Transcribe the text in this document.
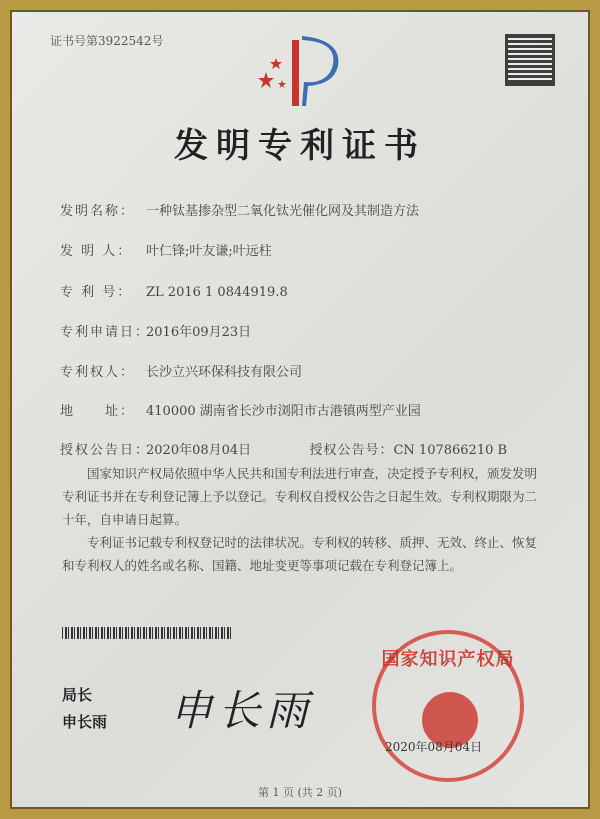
证书号第3922542号
发明专利证书
发明名称： 一种钛基掺杂型二氧化钛光催化网及其制造方法
发 明 人： 叶仁锋;叶友谦;叶远柱
专 利 号： ZL 2016 1 0844919.8
专利申请日：2016年09月23日
专利权人： 长沙立兴环保科技有限公司
地　　址： 410000 湖南省长沙市浏阳市古港镇两型产业园
授权公告日：2020年08月04日	授权公告号：CN 107866210 B
国家知识产权局依照中华人民共和国专利法进行审查，决定授予专利权，颁发发明专利证书并在专利登记簿上予以登记。专利权自授权公告之日起生效。专利权期限为二十年，自申请日起算。
专利证书记载专利权登记时的法律状况。专利权的转移、质押、无效、终止、恢复和专利权人的姓名或名称、国籍、地址变更等事项记载在专利登记簿上。
局长
申长雨 申长雨
国家知识产权局
2020年08月04日
第 1 页 (共 2 页)
